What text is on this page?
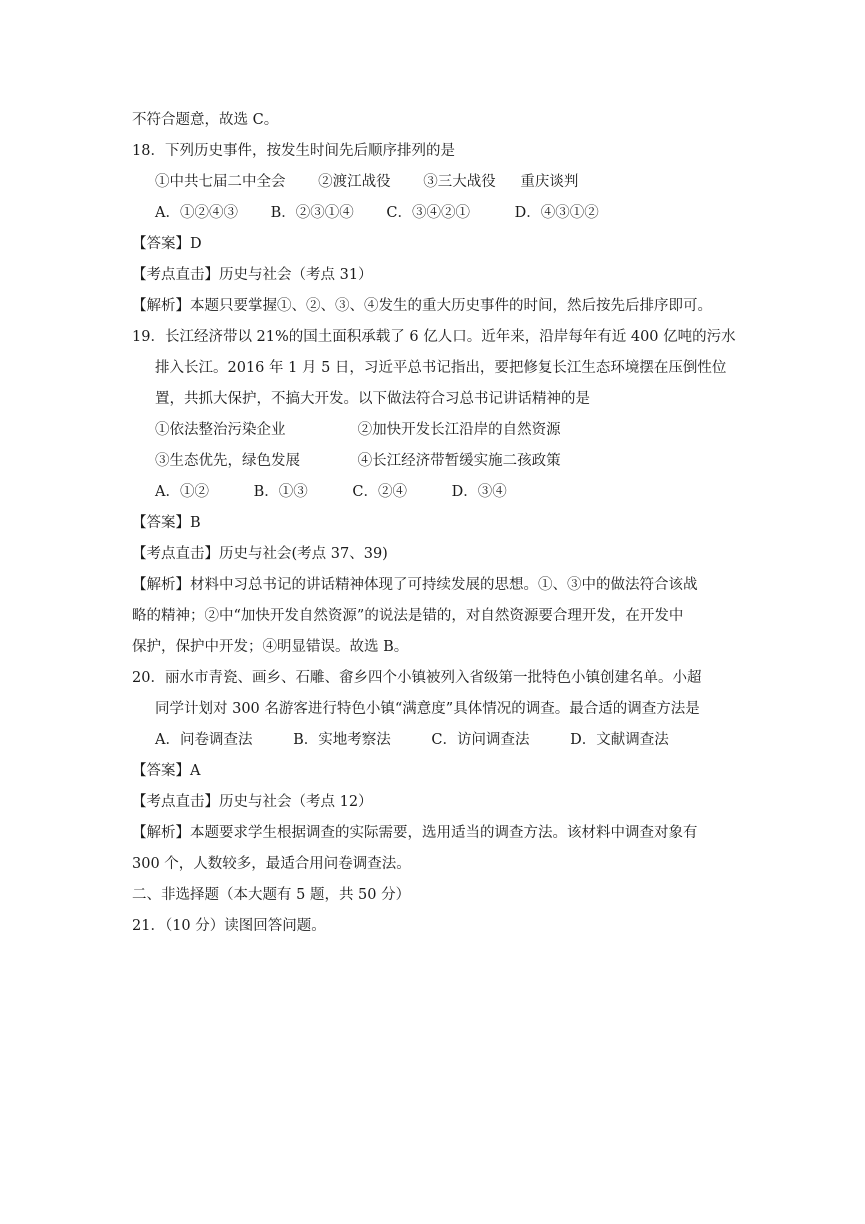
不符合题意，故选 C。
18．下列历史事件，按发生时间先后顺序排列的是
①中共七届二中全会 ②渡江战役 ③三大战役 重庆谈判
A．①②④③ B．②③①④ C．③④②①	D．④③①②
【答案】D
【考点直击】历史与社会（考点 31）
【解析】本题只要掌握①、②、③、④发生的重大历史事件的时间，然后按先后排序即可。
19．长江经济带以 21%的国土面积承载了 6 亿人口。近年来，沿岸每年有近 400 亿吨的污水
排入长江。2016 年 1 月 5 日，习近平总书记指出，要把修复长江生态环境摆在压倒性位
置，共抓大保护，不搞大开发。以下做法符合习总书记讲话精神的是
①依法整治污染企业	②加快开发长江沿岸的自然资源
③生态优先，绿色发展	④长江经济带暂缓实施二孩政策
A．①②	B．①③	C．②④	D．③④
【答案】B
【考点直击】历史与社会(考点 37、39)
【解析】材料中习总书记的讲话精神体现了可持续发展的思想。①、③中的做法符合该战
略的精神；②中“加快开发自然资源”的说法是错的，对自然资源要合理开发，在开发中
保护，保护中开发；④明显错误。故选 B。
20．丽水市青瓷、画乡、石雕、畲乡四个小镇被列入省级第一批特色小镇创建名单。小超
同学计划对 300 名游客进行特色小镇“满意度”具体情况的调查。最合适的调查方法是
A．问卷调查法	B．实地考察法	C．访问调查法	D．文献调查法
【答案】A
【考点直击】历史与社会（考点 12）
【解析】本题要求学生根据调查的实际需要，选用适当的调查方法。该材料中调查对象有
300 个，人数较多，最适合用问卷调查法。
二、非选择题（本大题有 5 题，共 50 分）
21．（10 分）读图回答问题。
